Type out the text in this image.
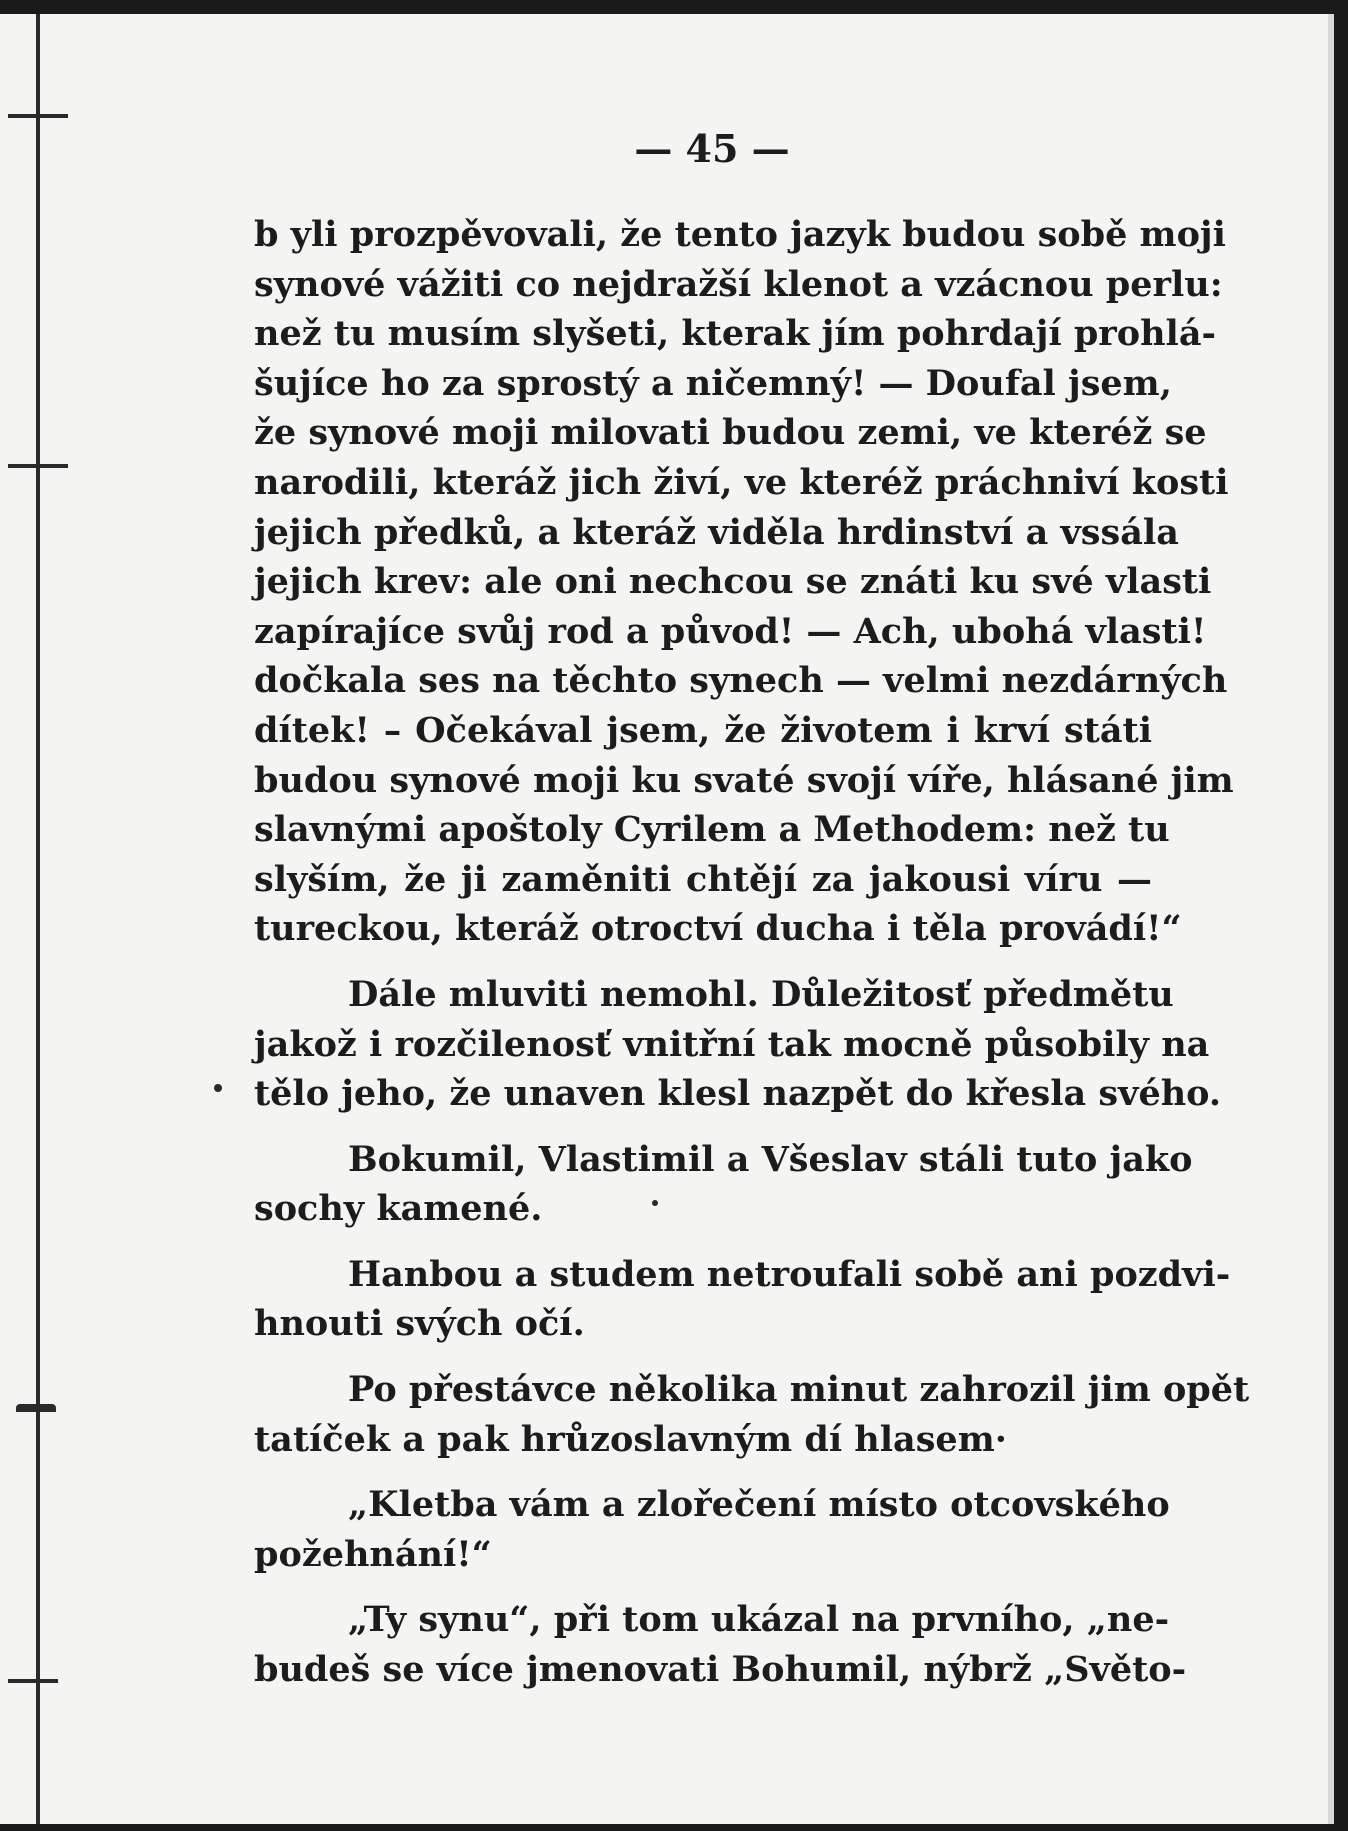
— 45 —
b yli prozpěvovali, že tento jazyk budou sobě moji
synové vážiti co nejdražší klenot a vzácnou perlu:
než tu musím slyšeti, kterak jím pohrdají prohlá-
šujíce ho za sprostý a ničemný! — Doufal jsem,
že synové moji milovati budou zemi, ve kteréž se
narodili, kteráž jich živí, ve kteréž práchniví kosti
jejich předků, a kteráž viděla hrdinství a vssála
jejich krev: ale oni nechcou se znáti ku své vlasti
zapírajíce svůj rod a původ! — Ach, ubohá vlasti!
dočkala ses na těchto synech — velmi nezdárných
dítek! – Očekával jsem, že životem i krví státi
budou synové moji ku svaté svojí víře, hlásané jim
slavnými apoštoly Cyrilem a Methodem: než tu
slyším, že ji zaměniti chtějí za jakousi víru —
tureckou, kteráž otroctví ducha i těla provádí!“
Dále mluviti nemohl. Důležitosť předmětu
jakož i rozčilenosť vnitřní tak mocně působily na
tělo jeho, že unaven klesl nazpět do křesla svého.
Bokumil, Vlastimil a Všeslav stáli tuto jako
sochy kamené.
Hanbou a studem netroufali sobě ani pozdvi-
hnouti svých očí.
Po přestávce několika minut zahrozil jim opět
tatíček a pak hrůzoslavným dí hlasem·
„Kletba vám a zlořečení místo otcovského
požehnání!“
„Ty synu“, při tom ukázal na prvního, „ne-
budeš se více jmenovati Bohumil, nýbrž „Světo-
